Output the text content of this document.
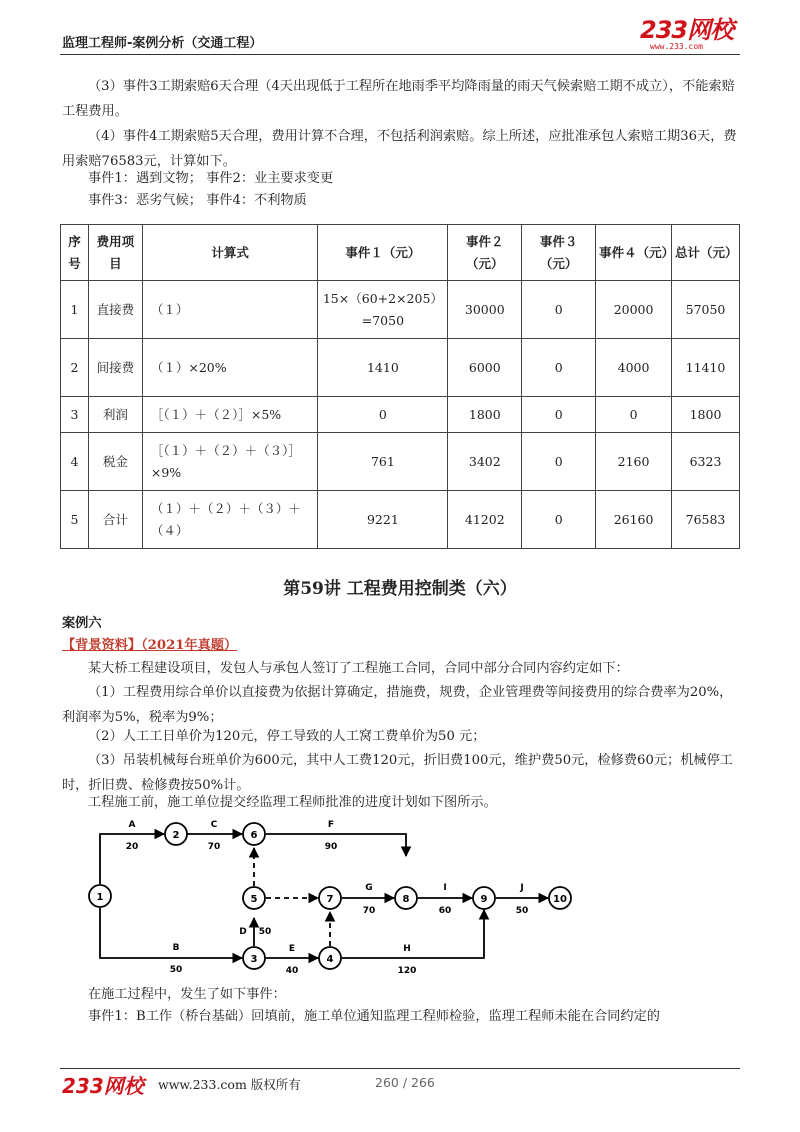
监理工程师-案例分析（交通工程）	233网校
www.233.com
（3）事件3工期索赔6天合理（4天出现低于工程所在地雨季平均降雨量的雨天气候索赔工期不成立），不能索赔工程费用。
（4）事件4工期索赔5天合理，费用计算不合理，不包括利润索赔。综上所述，应批准承包人索赔工期36天，费用索赔76583元，计算如下。
事件1：遇到文物； 事件2：业主要求变更
事件3：恶劣气候； 事件4：不利物质
序号	费用项目	计算式	事件１（元）	事件２（元）	事件３（元）	事件４（元）	总计（元）
1	直接费	（１）	15×（60+2×205）=7050	30000	0	20000	57050
2	间接费	（１）×20%	1410	6000	0	4000	11410
3	利润	［（１）＋（２）］×5%	0	1800	0	0	1800
4	税金	［（１）＋（２）＋（３）］×9%	761	3402	0	2160	6323
5	合计	（１）＋（２）＋（３）＋（４）	9221	41202	0	26160	76583
第59讲 工程费用控制类（六）
案例六
【背景资料】（2021年真题）
某大桥工程建设项目，发包人与承包人签订了工程施工合同，合同中部分合同内容约定如下：
（1）工程费用综合单价以直接费为依据计算确定，措施费，规费，企业管理费等间接费用的综合费率为20%，利润率为5%，税率为9%；
（2）人工工日单价为120元，停工导致的人工窝工费单价为50 元；
（3）吊装机械每台班单价为600元，其中人工费120元，折旧费100元，维护费50元，检修费60元；机械停工时，折旧费、检修费按50%计。
工程施工前，施工单位提交经监理工程师批准的进度计划如下图所示。
A
20
C
70
F
90
B
50
E
40
H
120
D 50
G
70
I
60
J
50
1
2
3	4
5
6
7	8	9	10
在施工过程中，发生了如下事件：
事件1：B工作（桥台基础）回填前，施工单位通知监理工程师检验，监理工程师未能在合同约定的
233网校 www.233.com 版权所有	260 / 266
